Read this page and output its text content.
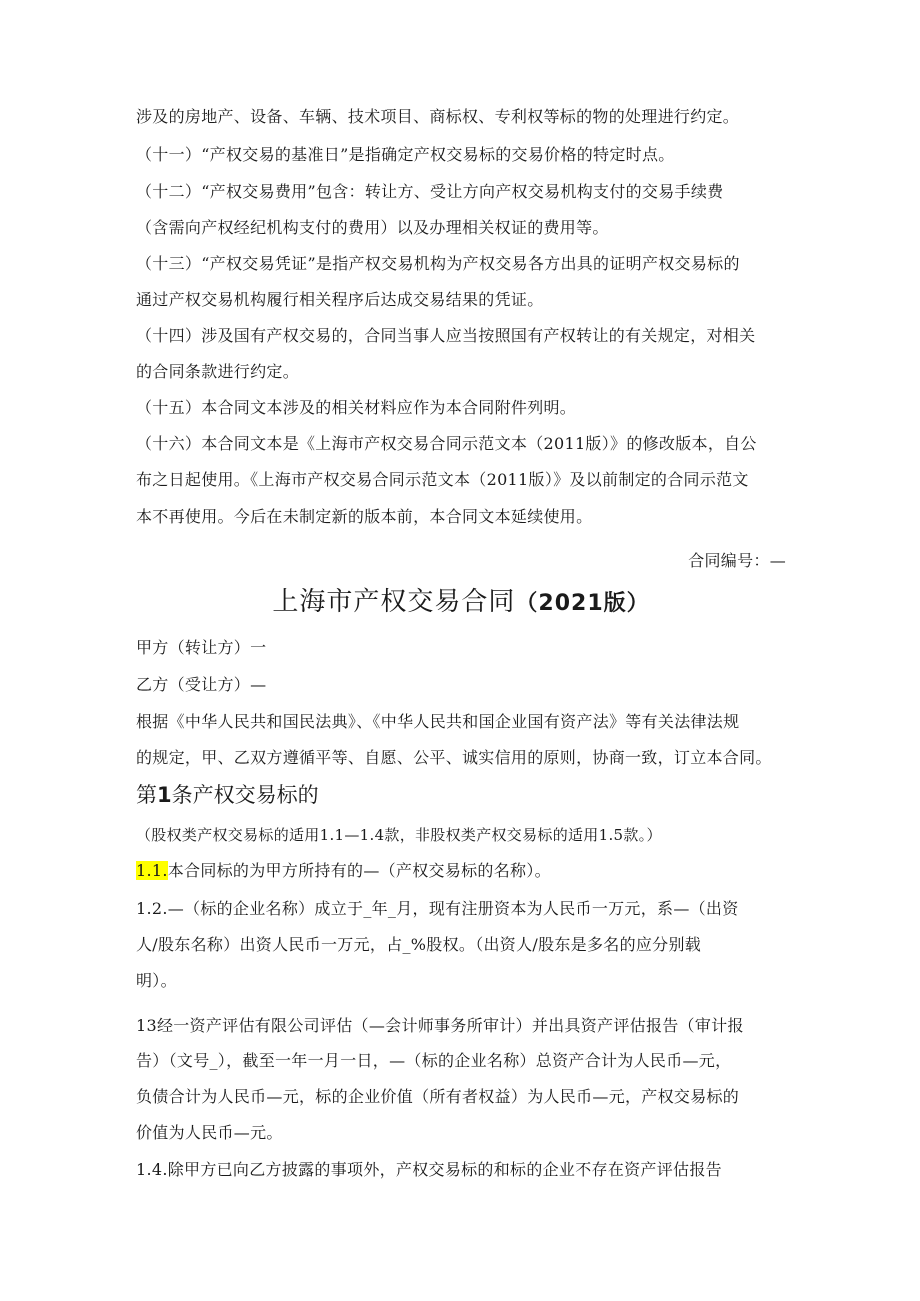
涉及的房地产、设备、车辆、技术项目、商标权、专利权等标的物的处理进行约定。
（十一）“产权交易的基准日”是指确定产权交易标的交易价格的特定时点。
（十二）“产权交易费用”包含：转让方、受让方向产权交易机构支付的交易手续费
（含需向产权经纪机构支付的费用）以及办理相关权证的费用等。
（十三）“产权交易凭证”是指产权交易机构为产权交易各方出具的证明产权交易标的
通过产权交易机构履行相关程序后达成交易结果的凭证。
（十四）涉及国有产权交易的，合同当事人应当按照国有产权转让的有关规定，对相关
的合同条款进行约定。
（十五）本合同文本涉及的相关材料应作为本合同附件列明。
（十六）本合同文本是《上海市产权交易合同示范文本（2011版）》的修改版本，自公
布之日起使用。《上海市产权交易合同示范文本（2011版）》及以前制定的合同示范文
本不再使用。今后在未制定新的版本前，本合同文本延续使用。
合同编号：—
上海市产权交易合同（2021版）
甲方（转让方）一
乙方（受让方）—
根据《中华人民共和国民法典》、《中华人民共和国企业国有资产法》等有关法律法规
的规定，甲、乙双方遵循平等、自愿、公平、诚实信用的原则，协商一致，订立本合同。
第1条产权交易标的
（股权类产权交易标的适用1.1—1.4款，非股权类产权交易标的适用1.5款。）
1.1.本合同标的为甲方所持有的—（产权交易标的名称）。
1.2.—（标的企业名称）成立于_年_月，现有注册资本为人民币一万元，系—（出资
人/股东名称）出资人民币一万元，占_%股权。（出资人/股东是多名的应分别载
明）。
13经一资产评估有限公司评估（—会计师事务所审计）并出具资产评估报告（审计报
告）（文号_），截至一年一月一日，—（标的企业名称）总资产合计为人民币—元，
负债合计为人民币—元，标的企业价值（所有者权益）为人民币—元，产权交易标的
价值为人民币—元。
1.4.除甲方已向乙方披露的事项外，产权交易标的和标的企业不存在资产评估报告
